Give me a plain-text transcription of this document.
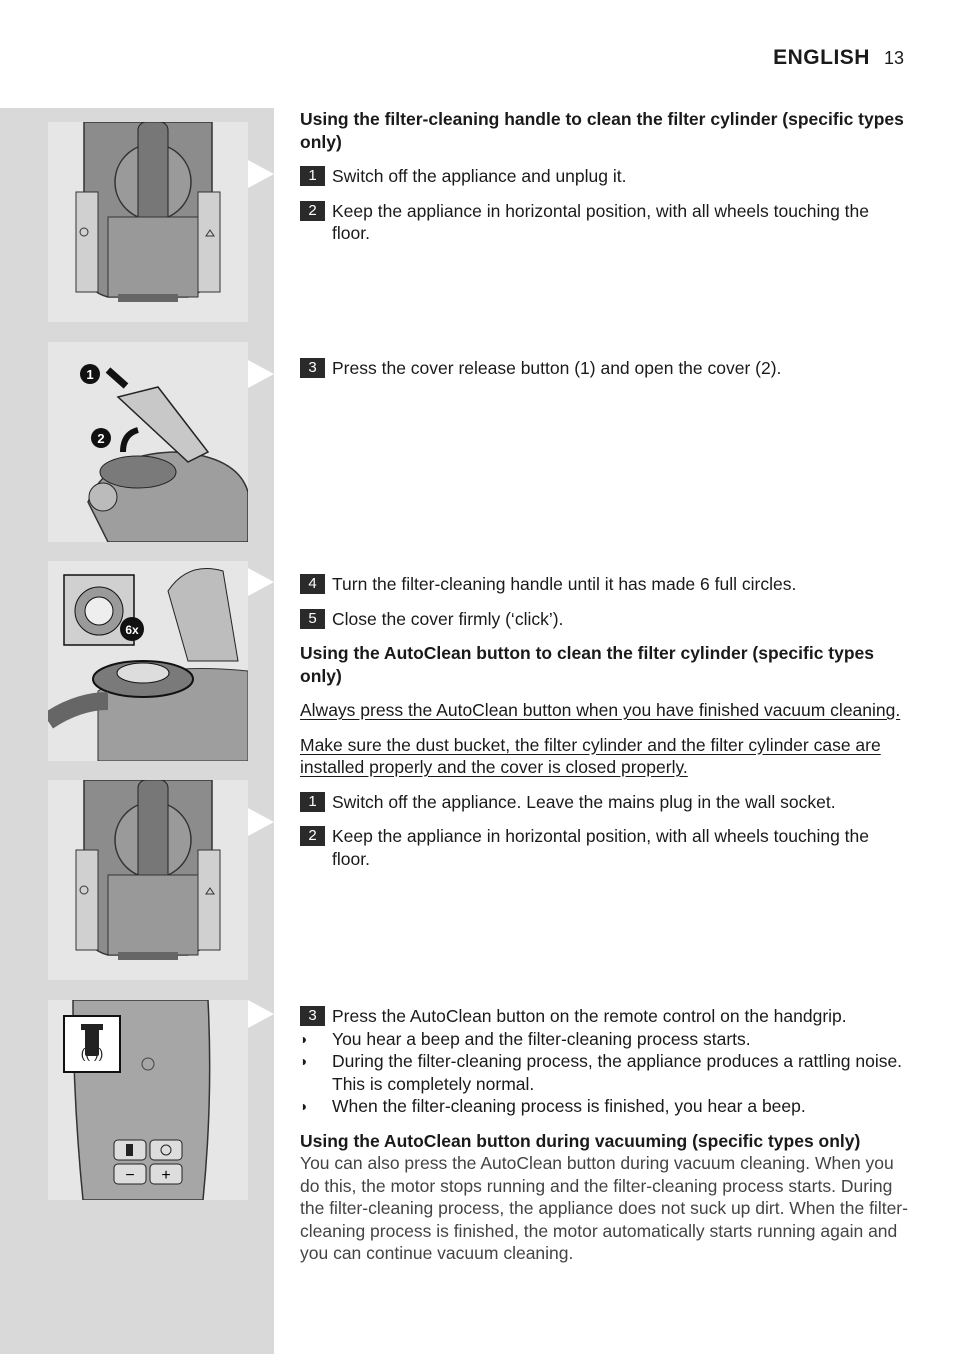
ENGLISH 13
1
2
6x
(( ))
− +
Using the filter-cleaning handle to clean the filter cylinder (specific types only)
1 Switch off the appliance and unplug it.
2 Keep the appliance in horizontal position, with all wheels touching the floor.
3 Press the cover release button (1) and open the cover (2).
4 Turn the filter-cleaning handle until it has made 6 full circles.
5 Close the cover firmly (‘click’).
Using the AutoClean button to clean the filter cylinder (specific types only)
Always press the AutoClean button when you have finished vacuum cleaning.
Make sure the dust bucket, the filter cylinder and the filter cylinder case are installed properly and the cover is closed properly.
1 Switch off the appliance. Leave the mains plug in the wall socket.
2 Keep the appliance in horizontal position, with all wheels touching the floor.
3 Press the AutoClean button on the remote control on the handgrip.
◗	You hear a beep and the filter-cleaning process starts.
◗	During the filter-cleaning process, the appliance produces a rattling noise. This is completely normal.
◗	When the filter-cleaning process is finished, you hear a beep.
Using the AutoClean button during vacuuming (specific types only)
You can also press the AutoClean button during vacuum cleaning. When you do this, the motor stops running and the filter-cleaning process starts. During the filter-cleaning process, the appliance does not suck up dirt. When the filter-cleaning process is finished, the motor automatically starts running again and you can continue vacuum cleaning.
